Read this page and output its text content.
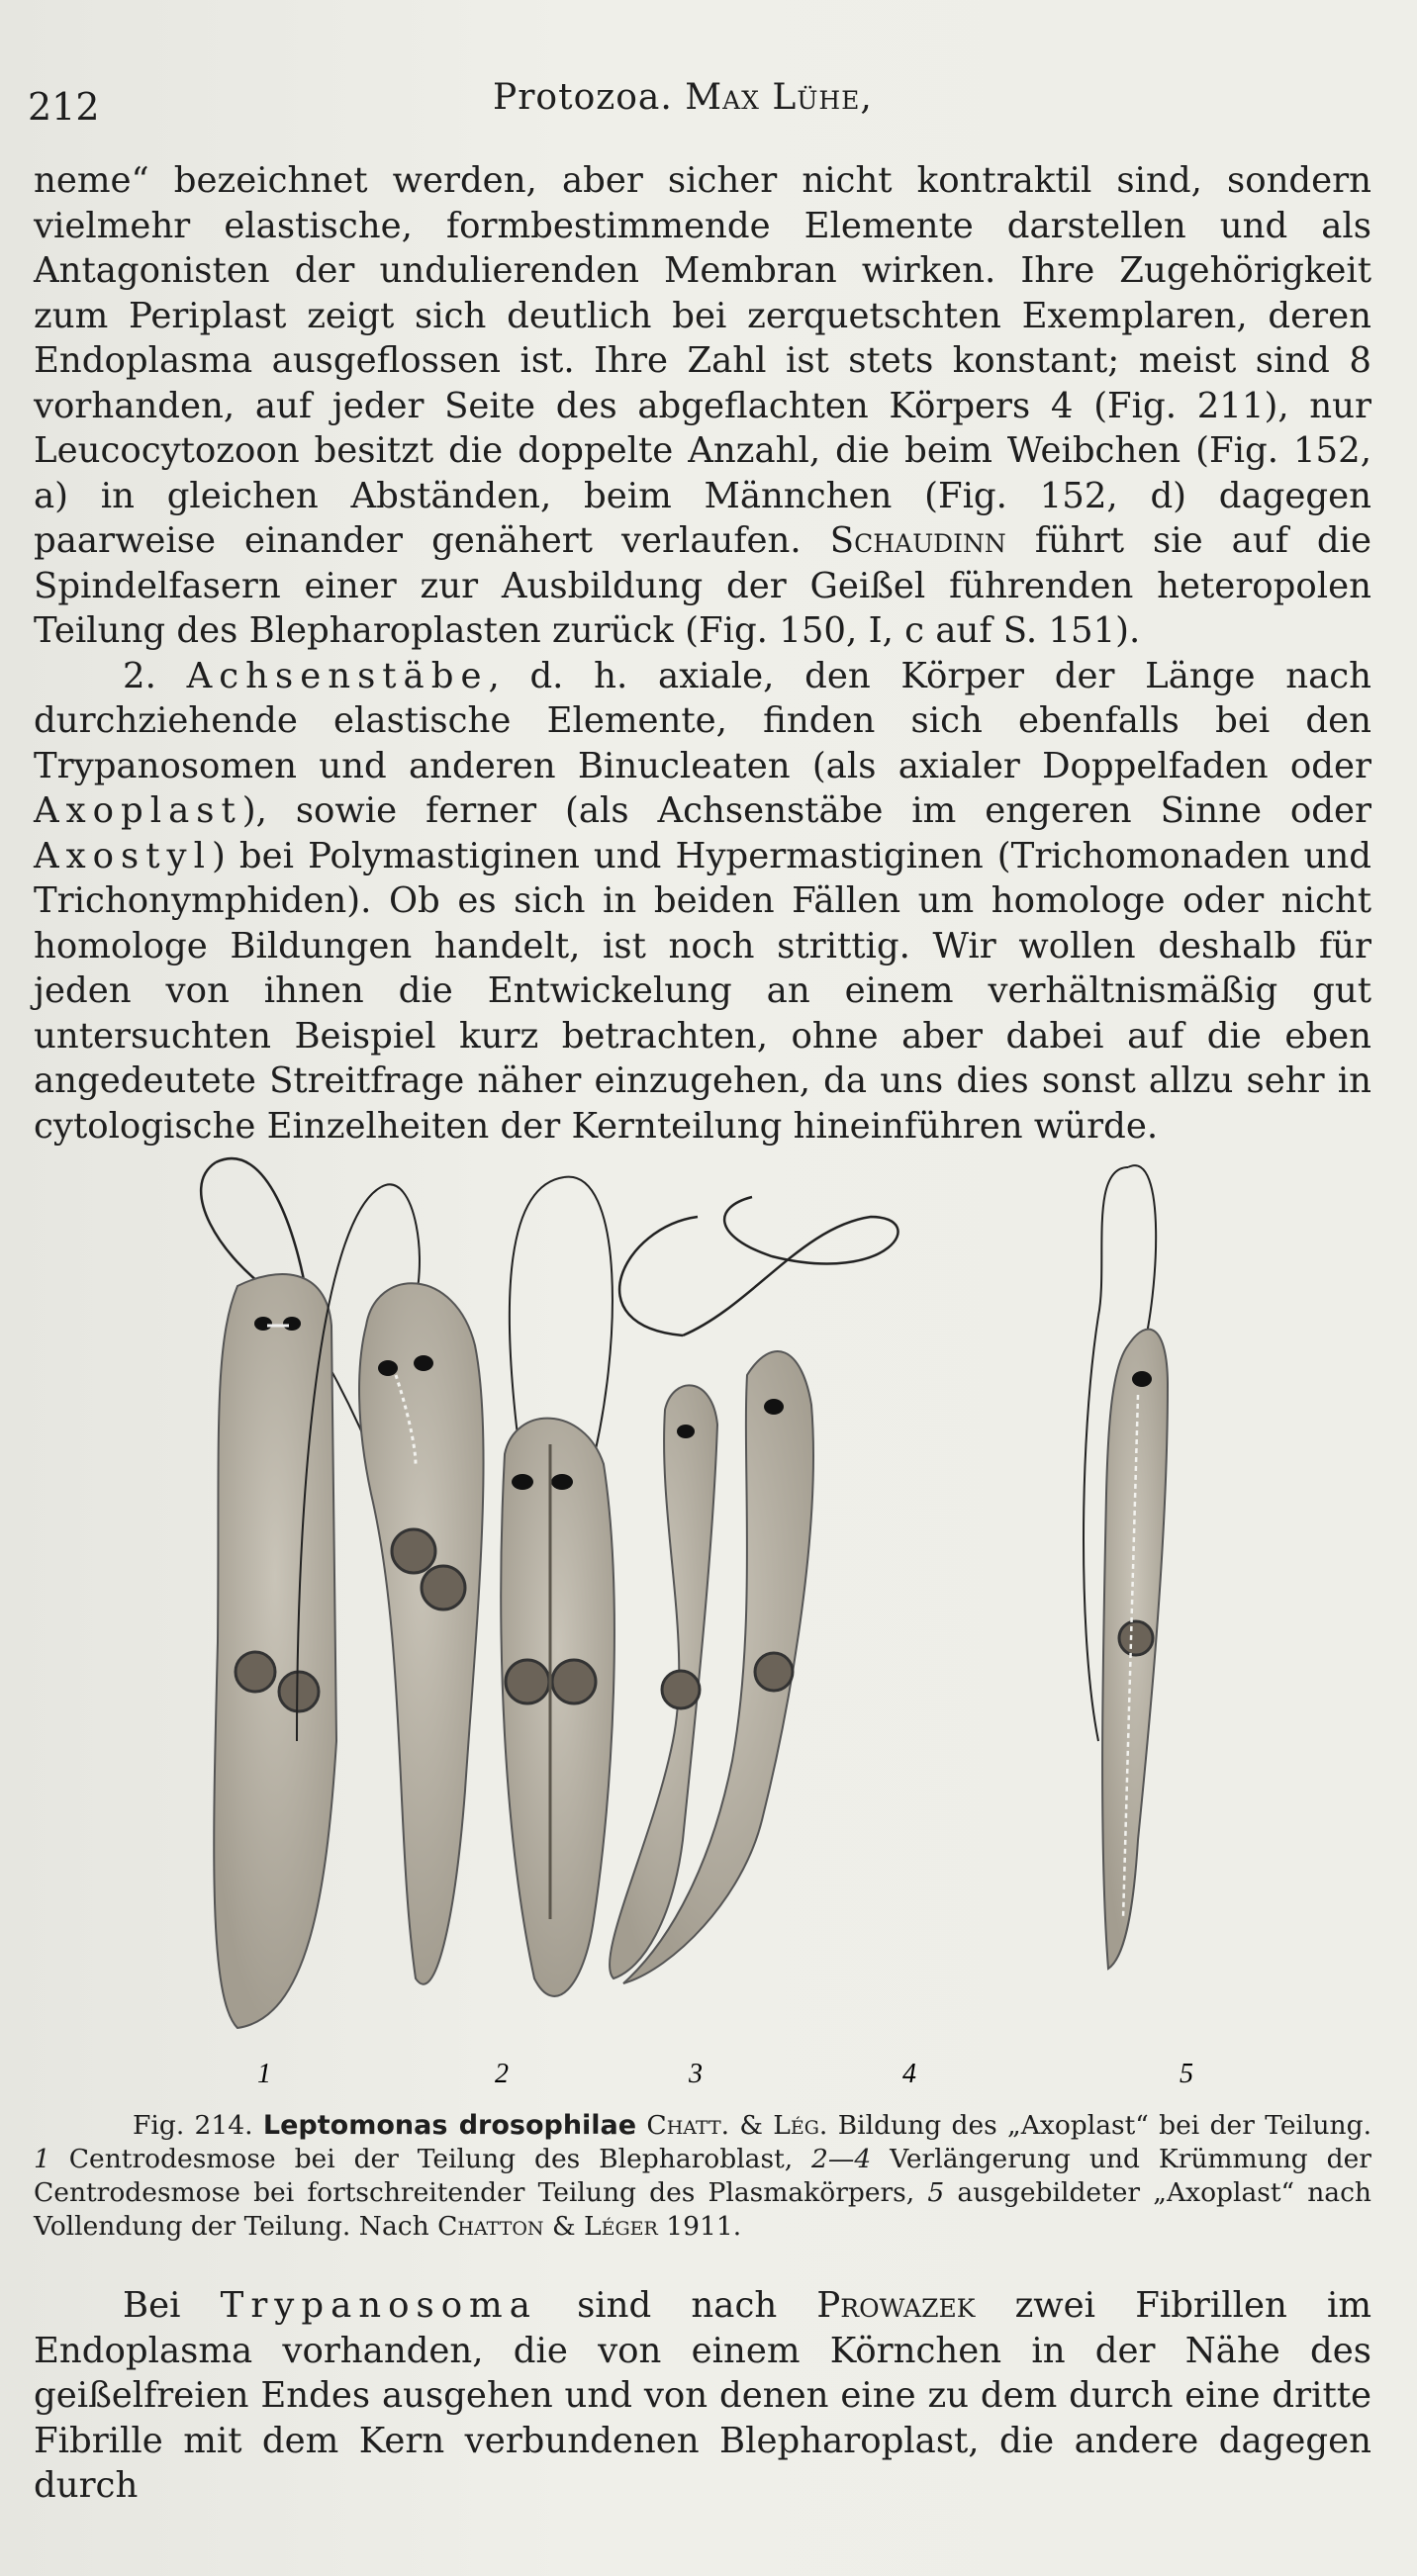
212	Protozoa. Max Lühe,

neme“ bezeichnet werden, aber sicher nicht kontraktil sind, sondern vielmehr elastische, formbestimmende Elemente darstellen und als Antagonisten der undulierenden Membran wirken. Ihre Zugehörigkeit zum Periplast zeigt sich deutlich bei zerquetschten Exemplaren, deren Endoplasma ausgeflossen ist. Ihre Zahl ist stets konstant; meist sind 8 vorhanden, auf jeder Seite des abgeflachten Körpers 4 (Fig. 211), nur Leucocytozoon besitzt die doppelte Anzahl, die beim Weibchen (Fig. 152, a) in gleichen Abständen, beim Männchen (Fig. 152, d) dagegen paarweise einander genähert verlaufen. Schaudinn führt sie auf die Spindelfasern einer zur Ausbildung der Geißel führenden heteropolen Teilung des Blepharoplasten zurück (Fig. 150, I, c auf S. 151).

2. Achsenstäbe, d. h. axiale, den Körper der Länge nach durchziehende elastische Elemente, finden sich ebenfalls bei den Trypanosomen und anderen Binucleaten (als axialer Doppelfaden oder Axoplast), sowie ferner (als Achsenstäbe im engeren Sinne oder Axostyl) bei Polymastiginen und Hypermastiginen (Trichomonaden und Trichonymphiden). Ob es sich in beiden Fällen um homologe oder nicht homologe Bildungen handelt, ist noch strittig. Wir wollen deshalb für jeden von ihnen die Entwickelung an einem verhältnismäßig gut untersuchten Beispiel kurz betrachten, ohne aber dabei auf die eben angedeutete Streitfrage näher einzugehen, da uns dies sonst allzu sehr in cytologische Einzelheiten der Kernteilung hineinführen würde.

1	2	3	4	5

Fig. 214. Leptomonas drosophilae Chatt. & Lég. Bildung des „Axoplast“ bei der Teilung. 1 Centrodesmose bei der Teilung des Blepharoblast, 2—4 Verlängerung und Krümmung der Centrodesmose bei fortschreitender Teilung des Plasmakörpers, 5 ausgebildeter „Axoplast“ nach Vollendung der Teilung. Nach Chatton & Léger 1911.

Bei Trypanosoma sind nach Prowazek zwei Fibrillen im Endoplasma vorhanden, die von einem Körnchen in der Nähe des geißelfreien Endes ausgehen und von denen eine zu dem durch eine dritte Fibrille mit dem Kern verbundenen Blepharoplast, die andere dagegen durch
